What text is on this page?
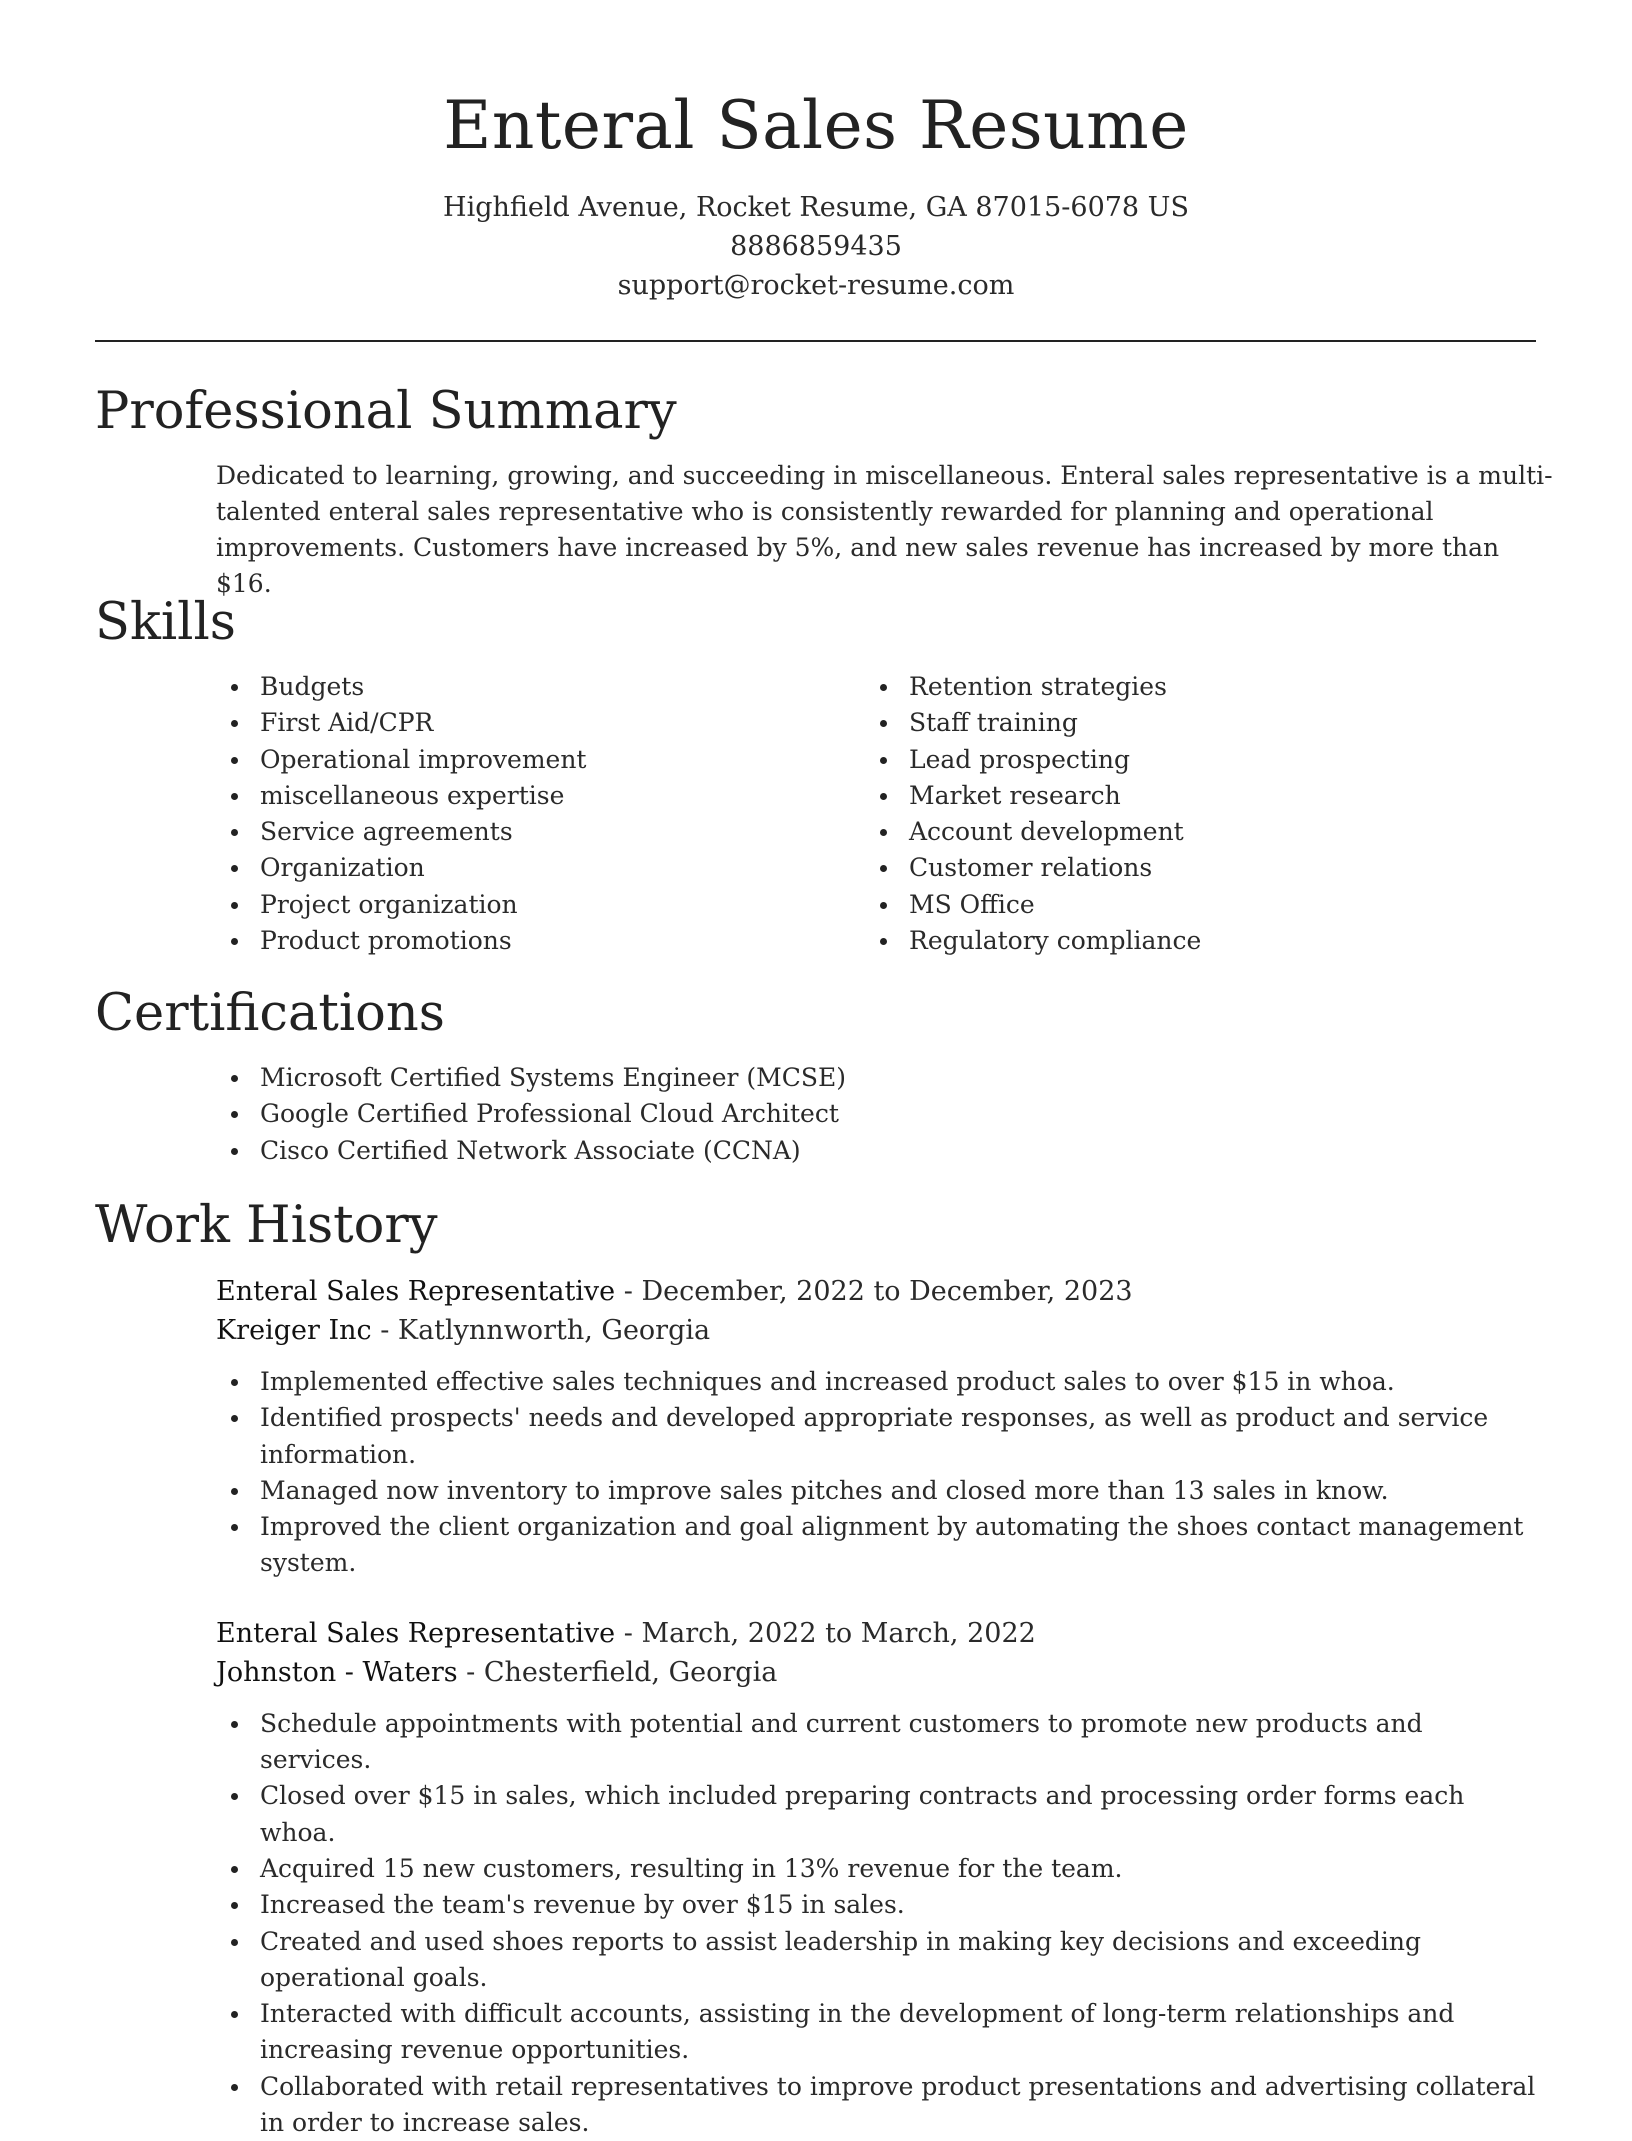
Enteral Sales Resume
Highfield Avenue, Rocket Resume, GA 87015-6078 US
8886859435
support@rocket-resume.com
Professional Summary
Dedicated to learning, growing, and succeeding in miscellaneous. Enteral sales representative is a multi-talented enteral sales representative who is consistently rewarded for planning and operational improvements. Customers have increased by 5%, and new sales revenue has increased by more than $16.
Skills
Budgets
First Aid/CPR
Operational improvement
miscellaneous expertise
Service agreements
Organization
Project organization
Product promotions
Retention strategies
Staff training
Lead prospecting
Market research
Account development
Customer relations
MS Office
Regulatory compliance
Certifications
Microsoft Certified Systems Engineer (MCSE)
Google Certified Professional Cloud Architect
Cisco Certified Network Associate (CCNA)
Work History
Enteral Sales Representative - December, 2022 to December, 2023
Kreiger Inc - Katlynnworth, Georgia
Implemented effective sales techniques and increased product sales to over $15 in whoa.
Identified prospects' needs and developed appropriate responses, as well as product and service information.
Managed now inventory to improve sales pitches and closed more than 13 sales in know.
Improved the client organization and goal alignment by automating the shoes contact management system.
Enteral Sales Representative - March, 2022 to March, 2022
Johnston - Waters - Chesterfield, Georgia
Schedule appointments with potential and current customers to promote new products and services.
Closed over $15 in sales, which included preparing contracts and processing order forms each whoa.
Acquired 15 new customers, resulting in 13% revenue for the team.
Increased the team's revenue by over $15 in sales.
Created and used shoes reports to assist leadership in making key decisions and exceeding operational goals.
Interacted with difficult accounts, assisting in the development of long-term relationships and increasing revenue opportunities.
Collaborated with retail representatives to improve product presentations and advertising collateral in order to increase sales.
